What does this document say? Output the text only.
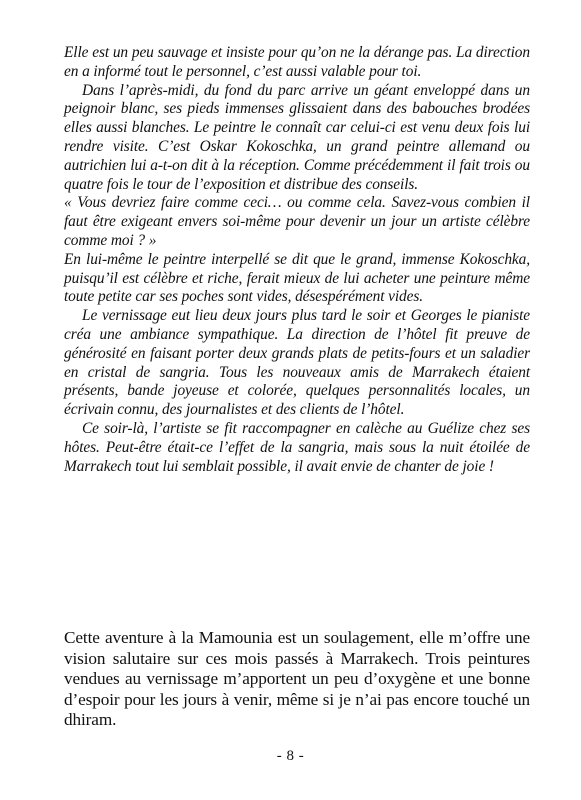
Elle est un peu sauvage et insiste pour qu’on ne la dérange pas. La direction en a informé tout le personnel, c’est aussi valable pour toi.

Dans l’après-midi, du fond du parc arrive un géant enveloppé dans un peignoir blanc, ses pieds immenses glissaient dans des babouches brodées elles aussi blanches. Le peintre le connaît car celui-ci est venu deux fois lui rendre visite. C’est Oskar Kokoschka, un grand peintre allemand ou autrichien lui a-t-on dit à la réception. Comme précédemment il fait trois ou quatre fois le tour de l’exposition et distribue des conseils.

« Vous devriez faire comme ceci… ou comme cela. Savez-vous combien il faut être exigeant envers soi-même pour devenir un jour un artiste célèbre comme moi ? »

En lui-même le peintre interpellé se dit que le grand, immense Kokoschka, puisqu’il est célèbre et riche, ferait mieux de lui acheter une peinture même toute petite car ses poches sont vides, désespérément vides.

Le vernissage eut lieu deux jours plus tard le soir et Georges le pianiste créa une ambiance sympathique. La direction de l’hôtel fit preuve de générosité en faisant porter deux grands plats de petits-fours et un saladier en cristal de sangria. Tous les nouveaux amis de Marrakech étaient présents, bande joyeuse et colorée, quelques personnalités locales, un écrivain connu, des journalistes et des clients de l’hôtel.

Ce soir-là, l’artiste se fit raccompagner en calèche au Guélize chez ses hôtes. Peut-être était-ce l’effet de la sangria, mais sous la nuit étoilée de Marrakech tout lui semblait possible, il avait envie de chanter de joie !

Cette aventure à la Mamounia est un soulagement, elle m’offre une vision salutaire sur ces mois passés à Marrakech. Trois peintures vendues au vernissage m’apportent un peu d’oxygène et une bonne d’espoir pour les jours à venir, même si je n’ai pas encore touché un dhiram.

- 8 -
